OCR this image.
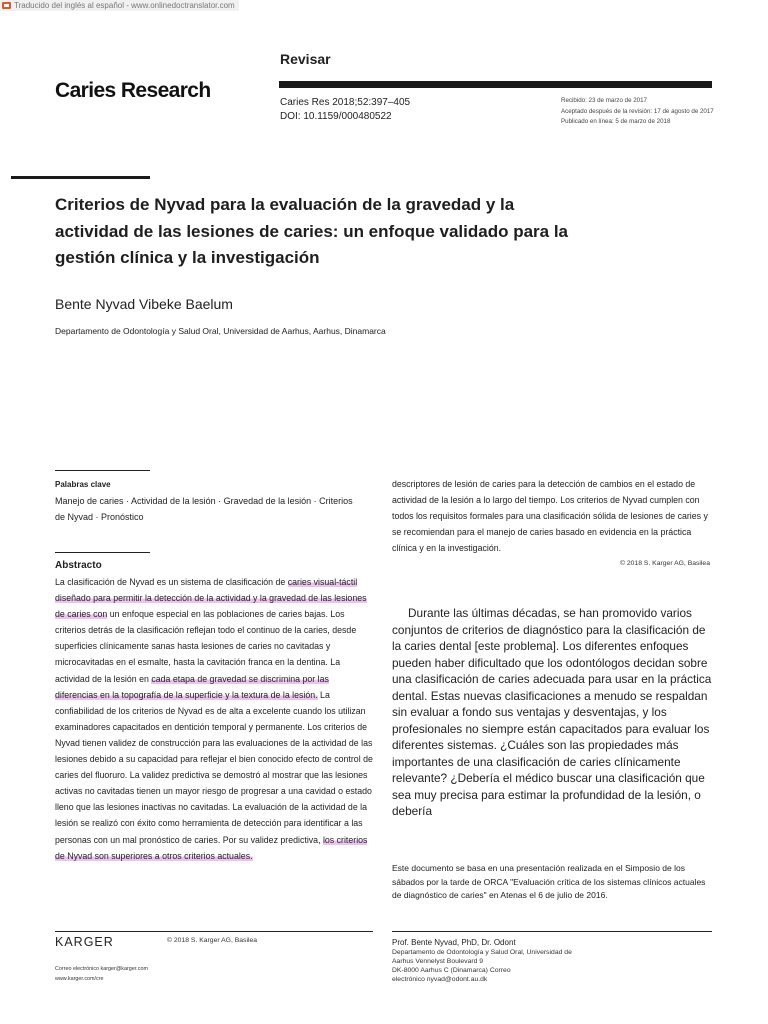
Traducido del inglés al español - www.onlinedoctranslator.com
Revisar
Caries Research
Caries Res 2018;52:397–405
DOI: 10.1159/000480522
Recibido: 23 de marzo de 2017
Aceptado después de la revisión: 17 de agosto de 2017
Publicado en línea: 5 de marzo de 2018
Criterios de Nyvad para la evaluación de la gravedad y la actividad de las lesiones de caries: un enfoque validado para la gestión clínica y la investigación
Bente Nyvad Vibeke Baelum
Departamento de Odontología y Salud Oral, Universidad de Aarhus, Aarhus, Dinamarca
Palabras clave
Manejo de caries · Actividad de la lesión · Gravedad de la lesión · Criterios de Nyvad · Pronóstico
Abstracto
La clasificación de Nyvad es un sistema de clasificación de caries visual-táctil diseñado para permitir la detección de la actividad y la gravedad de las lesiones de caries con un enfoque especial en las poblaciones de caries bajas. Los criterios detrás de la clasificación reflejan todo el continuo de la caries, desde superficies clínicamente sanas hasta lesiones de caries no cavitadas y microcavitadas en el esmalte, hasta la cavitación franca en la dentina. La actividad de la lesión en cada etapa de gravedad se discrimina por las diferencias en la topografía de la superficie y la textura de la lesión. La confiabilidad de los criterios de Nyvad es de alta a excelente cuando los utilizan examinadores capacitados en dentición temporal y permanente. Los criterios de Nyvad tienen validez de construcción para las evaluaciones de la actividad de las lesiones debido a su capacidad para reflejar el bien conocido efecto de control de caries del fluoruro. La validez predictiva se demostró al mostrar que las lesiones activas no cavitadas tienen un mayor riesgo de progresar a una cavidad o estado lleno que las lesiones inactivas no cavitadas. La evaluación de la actividad de la lesión se realizó con éxito como herramienta de detección para identificar a las personas con un mal pronóstico de caries. Por su validez predictiva, los criterios de Nyvad son superiores a otros criterios actuales.
descriptores de lesión de caries para la detección de cambios en el estado de actividad de la lesión a lo largo del tiempo. Los criterios de Nyvad cumplen con todos los requisitos formales para una clasificación sólida de lesiones de caries y se recomiendan para el manejo de caries basado en evidencia en la práctica clínica y en la investigación.
© 2018 S. Karger AG, Basilea
Durante las últimas décadas, se han promovido varios conjuntos de criterios de diagnóstico para la clasificación de la caries dental [este problema]. Los diferentes enfoques pueden haber dificultado que los odontólogos decidan sobre una clasificación de caries adecuada para usar en la práctica dental. Estas nuevas clasificaciones a menudo se respaldan sin evaluar a fondo sus ventajas y desventajas, y los profesionales no siempre están capacitados para evaluar los diferentes sistemas. ¿Cuáles son las propiedades más importantes de una clasificación de caries clínicamente relevante? ¿Debería el médico buscar una clasificación que sea muy precisa para estimar la profundidad de la lesión, o debería
Este documento se basa en una presentación realizada en el Simposio de los sábados por la tarde de ORCA "Evaluación crítica de los sistemas clínicos actuales de diagnóstico de caries" en Atenas el 6 de julio de 2016.
KARGER	© 2018 S. Karger AG, Basilea
Correo electrónico karger@karger.com
www.karger.com/cre
Prof. Bente Nyvad, PhD, Dr. Odont
Departamento de Odontología y Salud Oral, Universidad de
Aarhus Vennelyst Boulevard 9
DK-8000 Aarhus C (Dinamarca) Correo
electrónico nyvad@odont.au.dk
